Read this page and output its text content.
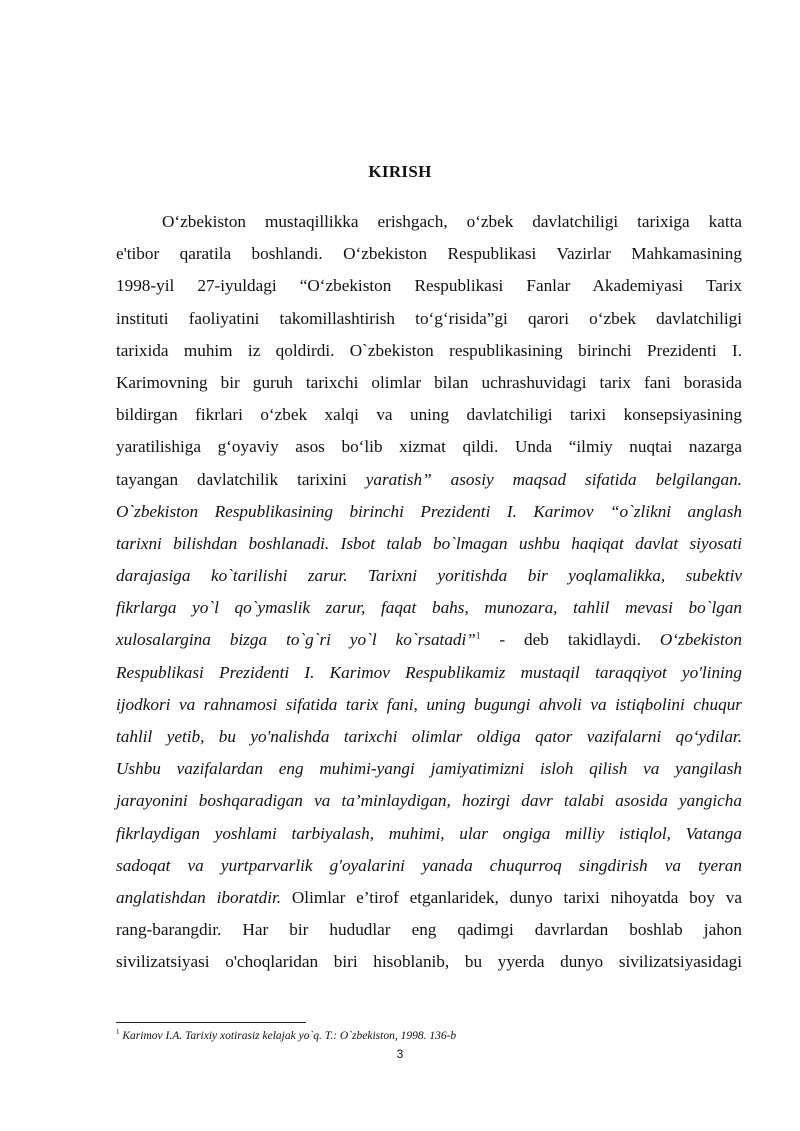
KIRISH
O‘zbekiston mustaqillikka erishgach, o‘zbek davlatchiligi tarixiga katta
e'tibor qaratila boshlandi. O‘zbekiston Respublikasi Vazirlar Mahkamasining
1998-yil 27-iyuldagi “O‘zbekiston Respublikasi Fanlar Akademiyasi Tarix
instituti faoliyatini takomillashtirish to‘g‘risida”gi qarori o‘zbek davlatchiligi
tarixida muhim iz qoldirdi. O`zbekiston respublikasining birinchi Prezidenti I.
Karimovning bir guruh tarixchi olimlar bilan uchrashuvidagi tarix fani borasida
bildirgan fikrlari o‘zbek xalqi va uning davlatchiligi tarixi konsepsiyasining
yaratilishiga g‘oyaviy asos bo‘lib xizmat qildi. Unda “ilmiy nuqtai nazarga
tayangan davlatchilik tarixini yaratish” asosiy maqsad sifatida belgilangan.
O`zbekiston Respublikasining birinchi Prezidenti I. Karimov “o`zlikni anglash
tarixni bilishdan boshlanadi. Isbot talab bo`lmagan ushbu haqiqat davlat siyosati
darajasiga ko`tarilishi zarur. Tarixni yoritishda bir yoqlamalikka, subektiv
fikrlarga yo`l qo`ymaslik zarur, faqat bahs, munozara, tahlil mevasi bo`lgan
xulosalargina bizga to`g`ri yo`l ko`rsatadi”$^1$ - deb takidlaydi. O‘zbekiston
Respublikasi Prezidenti I. Karimov Respublikamiz mustaqil taraqqiyot yo'lining
ijodkori va rahnamosi sifatida tarix fani, uning bugungi ahvoli va istiqbolini chuqur
tahlil yetib, bu yo'nalishda tarixchi olimlar oldiga qator vazifalarni qo‘ydilar.
Ushbu vazifalardan eng muhimi-yangi jamiyatimizni isloh qilish va yangilash
jarayonini boshqaradigan va ta’minlaydigan, hozirgi davr talabi asosida yangicha
fikrlaydigan yoshlami tarbiyalash, muhimi, ular ongiga milliy istiqlol, Vatanga
sadoqat va yurtparvarlik g'oyalarini yanada chuqurroq singdirish va tyeran
anglatishdan iboratdir. Olimlar e’tirof etganlaridek, dunyo tarixi nihoyatda boy va
rang-barangdir. Har bir hududlar eng qadimgi davrlardan boshlab jahon
sivilizatsiyasi o'choqlaridan biri hisoblanib, bu yyerda dunyo sivilizatsiyasidagi
$^1$ Karimov I.A. Tarixiy xotirasiz kelajak yo`q. T.: O`zbekiston, 1998. 136-b
3
